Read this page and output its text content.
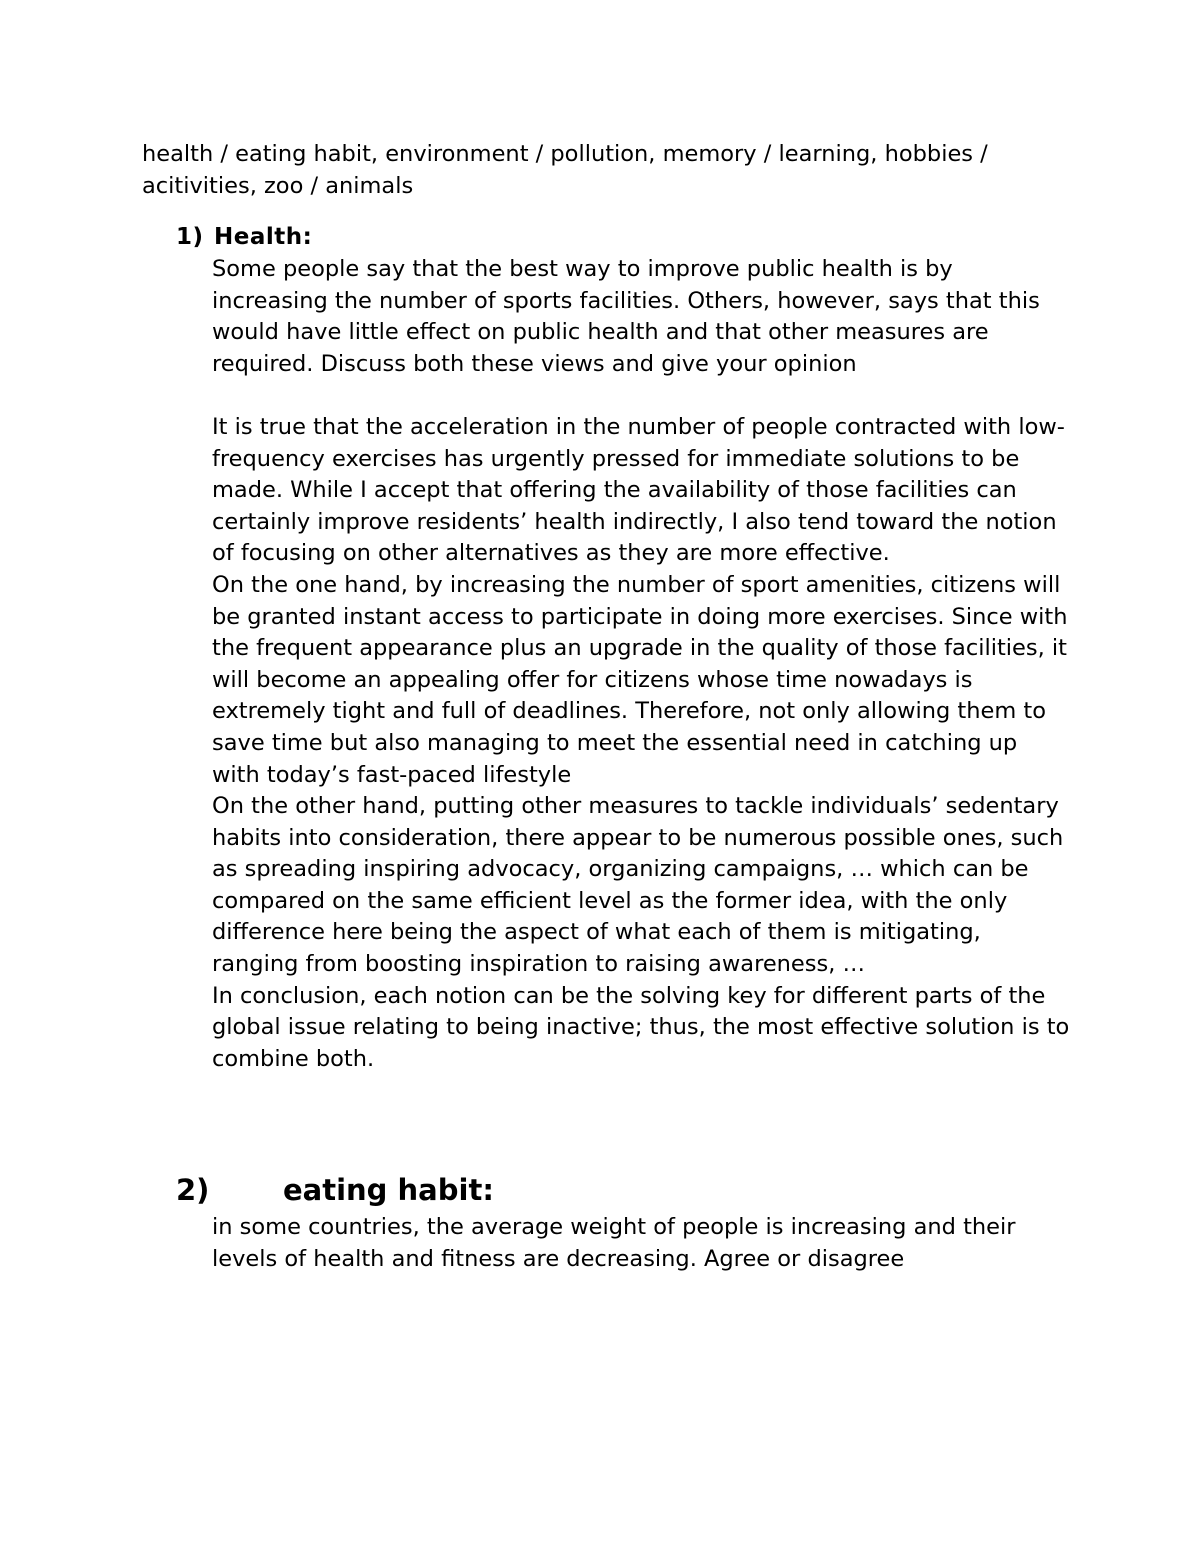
health / eating habit, environment / pollution, memory / learning, hobbies / acitivities, zoo / animals

1) Health:

Some people say that the best way to improve public health is by increasing the number of sports facilities. Others, however, says that this would have little effect on public health and that other measures are required. Discuss both these views and give your opinion

It is true that the acceleration in the number of people contracted with low-frequency exercises has urgently pressed for immediate solutions to be made. While I accept that offering the availability of those facilities can certainly improve residents’ health indirectly, I also tend toward the notion of focusing on other alternatives as they are more effective.

On the one hand, by increasing the number of sport amenities, citizens will be granted instant access to participate in doing more exercises. Since with the frequent appearance plus an upgrade in the quality of those facilities, it will become an appealing offer for citizens whose time nowadays is extremely tight and full of deadlines. Therefore, not only allowing them to save time but also managing to meet the essential need in catching up with today’s fast-paced lifestyle

On the other hand, putting other measures to tackle individuals’ sedentary habits into consideration, there appear to be numerous possible ones, such as spreading inspiring advocacy, organizing campaigns, … which can be compared on the same efficient level as the former idea, with the only difference here being the aspect of what each of them is mitigating, ranging from boosting inspiration to raising awareness, …

In conclusion, each notion can be the solving key for different parts of the global issue relating to being inactive; thus, the most effective solution is to combine both.

2)	eating habit:

in some countries, the average weight of people is increasing and their levels of health and fitness are decreasing. Agree or disagree
